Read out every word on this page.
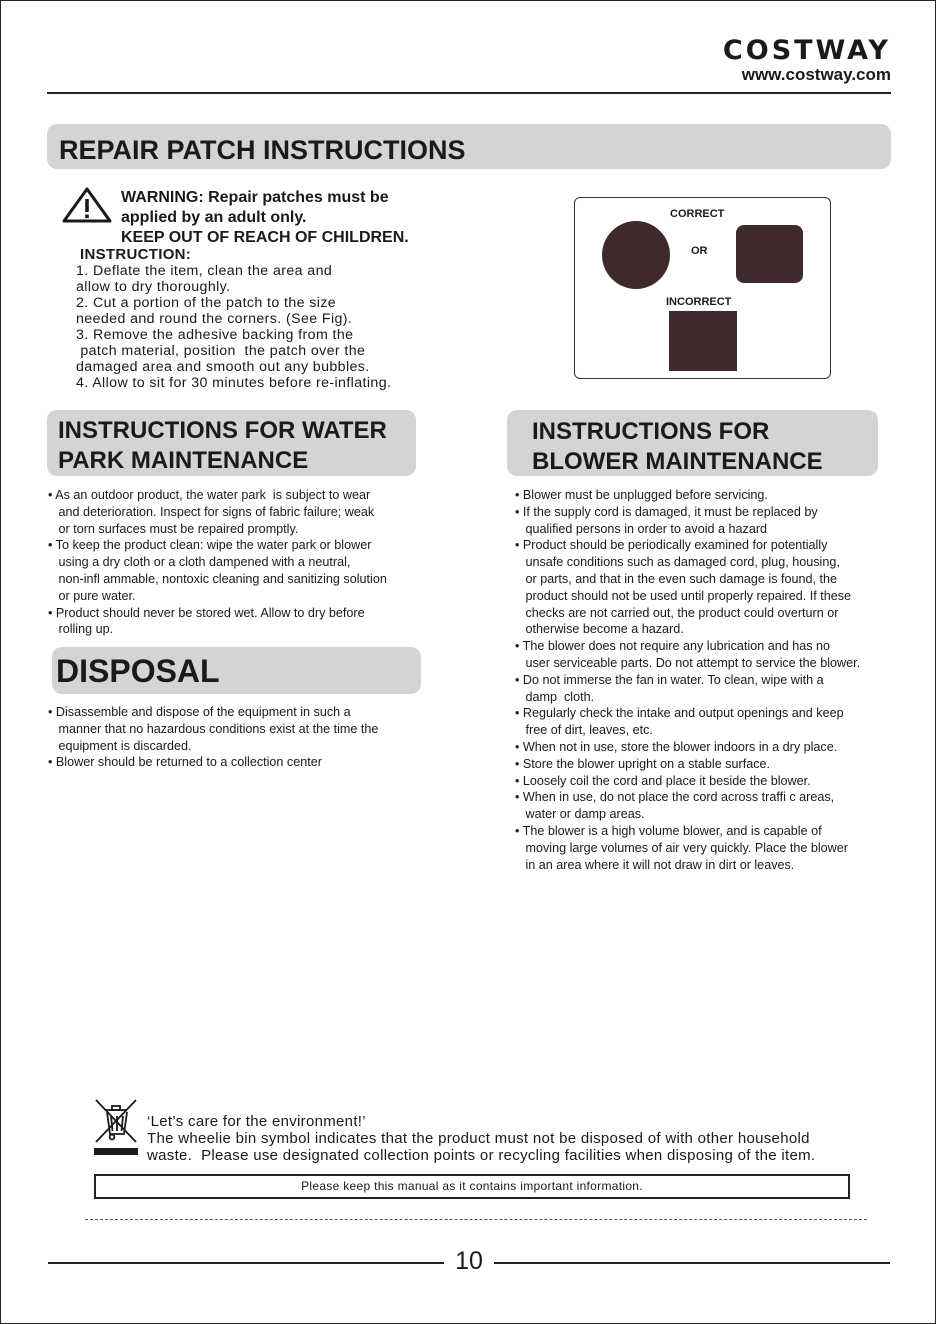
COSTWAY
www.costway.com
REPAIR PATCH INSTRUCTIONS
WARNING: Repair patches must be
applied by an adult only.
KEEP OUT OF REACH OF CHILDREN.
INSTRUCTION:
1. Deflate the item, clean the area and
allow to dry thoroughly.
2. Cut a portion of the patch to the size
needed and round the corners. (See Fig).
3. Remove the adhesive backing from the
patch material, position  the patch over the
damaged area and smooth out any bubbles.
4. Allow to sit for 30 minutes before re-inflating.
CORRECT
OR
INCORRECT
INSTRUCTIONS FOR WATER
PARK MAINTENANCE
• As an outdoor product, the water park  is subject to wear
and deterioration. Inspect for signs of fabric failure; weak
or torn surfaces must be repaired promptly.
• To keep the product clean: wipe the water park or blower
using a dry cloth or a cloth dampened with a neutral,
non-infl ammable, nontoxic cleaning and sanitizing solution
or pure water.
• Product should never be stored wet. Allow to dry before
rolling up.
DISPOSAL
• Disassemble and dispose of the equipment in such a
manner that no hazardous conditions exist at the time the
equipment is discarded.
• Blower should be returned to a collection center
INSTRUCTIONS FOR
BLOWER MAINTENANCE
• Blower must be unplugged before servicing.
• If the supply cord is damaged, it must be replaced by
qualified persons in order to avoid a hazard
• Product should be periodically examined for potentially
unsafe conditions such as damaged cord, plug, housing,
or parts, and that in the even such damage is found, the
product should not be used until properly repaired. If these
checks are not carried out, the product could overturn or
otherwise become a hazard.
• The blower does not require any lubrication and has no
user serviceable parts. Do not attempt to service the blower.
• Do not immerse the fan in water. To clean, wipe with a
damp  cloth.
• Regularly check the intake and output openings and keep
free of dirt, leaves, etc.
• When not in use, store the blower indoors in a dry place.
• Store the blower upright on a stable surface.
• Loosely coil the cord and place it beside the blower.
• When in use, do not place the cord across traffi c areas,
water or damp areas.
• The blower is a high volume blower, and is capable of
moving large volumes of air very quickly. Place the blower
in an area where it will not draw in dirt or leaves.
‘Let’s care for the environment!’
The wheelie bin symbol indicates that the product must not be disposed of with other household
waste.  Please use designated collection points or recycling facilities when disposing of the item.
Please keep this manual as it contains important information.
10
